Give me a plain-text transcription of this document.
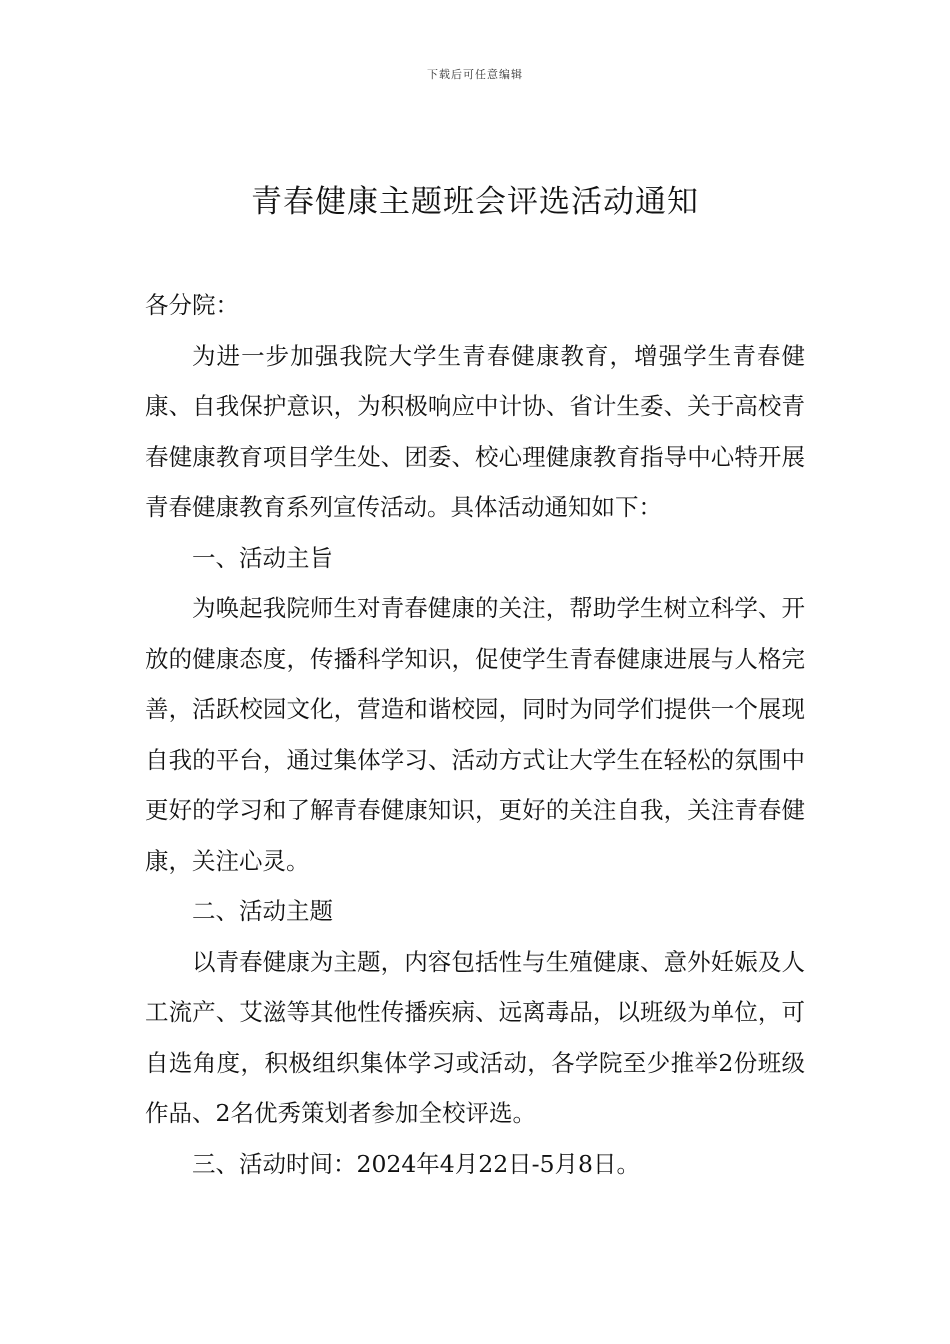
下载后可任意编辑
青春健康主题班会评选活动通知

各分院：

为进一步加强我院大学生青春健康教育，增强学生青春健康、自我保护意识，为积极响应中计协、省计生委、关于高校青春健康教育项目学生处、团委、校心理健康教育指导中心特开展青春健康教育系列宣传活动。具体活动通知如下：

一、活动主旨

为唤起我院师生对青春健康的关注，帮助学生树立科学、开放的健康态度，传播科学知识，促使学生青春健康进展与人格完善，活跃校园文化，营造和谐校园，同时为同学们提供一个展现自我的平台，通过集体学习、活动方式让大学生在轻松的氛围中更好的学习和了解青春健康知识，更好的关注自我，关注青春健康，关注心灵。

二、活动主题

以青春健康为主题，内容包括性与生殖健康、意外妊娠及人工流产、艾滋等其他性传播疾病、远离毒品，以班级为单位，可自选角度，积极组织集体学习或活动，各学院至少推举2份班级作品、2名优秀策划者参加全校评选。

三、活动时间：2024年4月22日-5月8日。
